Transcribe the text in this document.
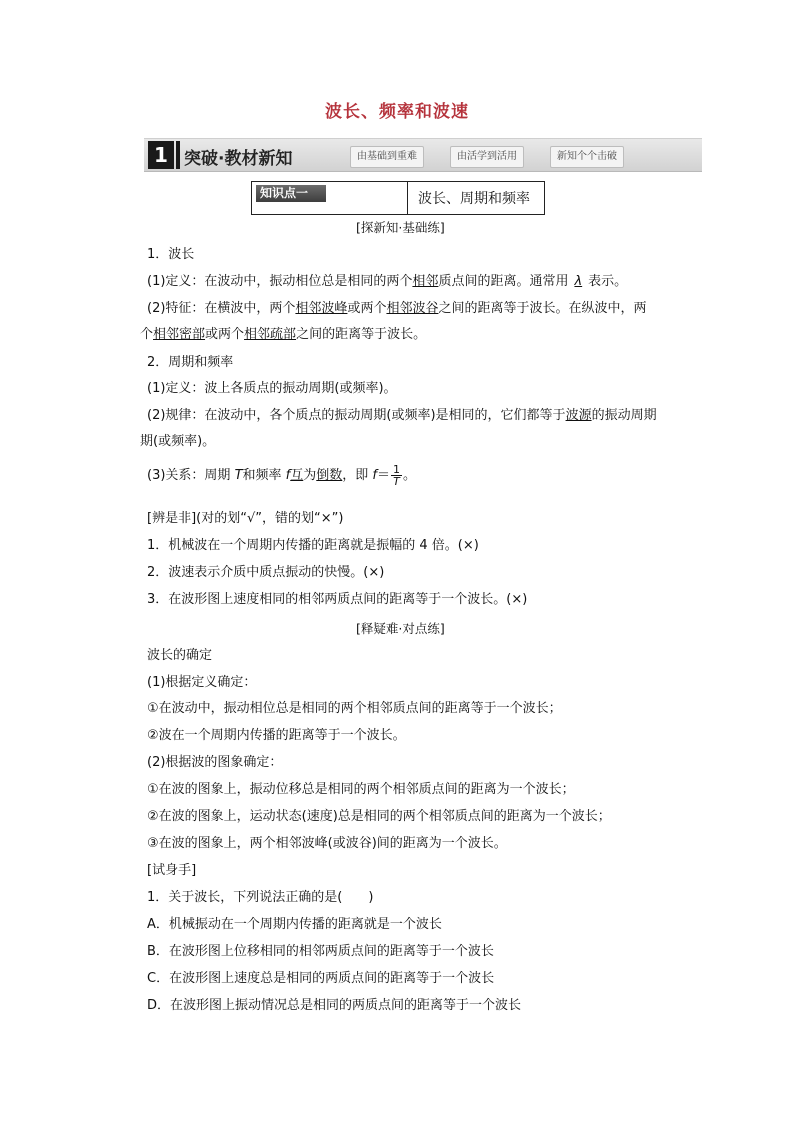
波长、频率和波速
1 突破·教材新知	由基础到重难	由活学到活用	新知个个击破
知识点一	波长、周期和频率
[探新知·基础练]
1．波长
(1)定义：在波动中，振动相位总是相同的两个相邻质点间的距离。通常用 λ 表示。
(2)特征：在横波中，两个相邻波峰或两个相邻波谷之间的距离等于波长。在纵波中，两
个相邻密部或两个相邻疏部之间的距离等于波长。
2．周期和频率
(1)定义：波上各质点的振动周期(或频率)。
(2)规律：在波动中，各个质点的振动周期(或频率)是相同的，它们都等于波源的振动周期
期(或频率)。
(3)关系：周期 T和频率 f互为倒数，即 $f= \frac{1}{T}$ 。
[辨是非](对的划“√”，错的划“×”)
1．机械波在一个周期内传播的距离就是振幅的 4 倍。(×)
2．波速表示介质中质点振动的快慢。(×)
3．在波形图上速度相同的相邻两质点间的距离等于一个波长。(×)
[释疑难·对点练]
波长的确定
(1)根据定义确定：
①在波动中，振动相位总是相同的两个相邻质点间的距离等于一个波长；
②波在一个周期内传播的距离等于一个波长。
(2)根据波的图象确定：
①在波的图象上，振动位移总是相同的两个相邻质点间的距离为一个波长；
②在波的图象上，运动状态(速度)总是相同的两个相邻质点间的距离为一个波长；
③在波的图象上，两个相邻波峰(或波谷)间的距离为一个波长。
[试身手]
1．关于波长，下列说法正确的是(　　)
A．机械振动在一个周期内传播的距离就是一个波长
B．在波形图上位移相同的相邻两质点间的距离等于一个波长
C．在波形图上速度总是相同的两质点间的距离等于一个波长
D．在波形图上振动情况总是相同的两质点间的距离等于一个波长
